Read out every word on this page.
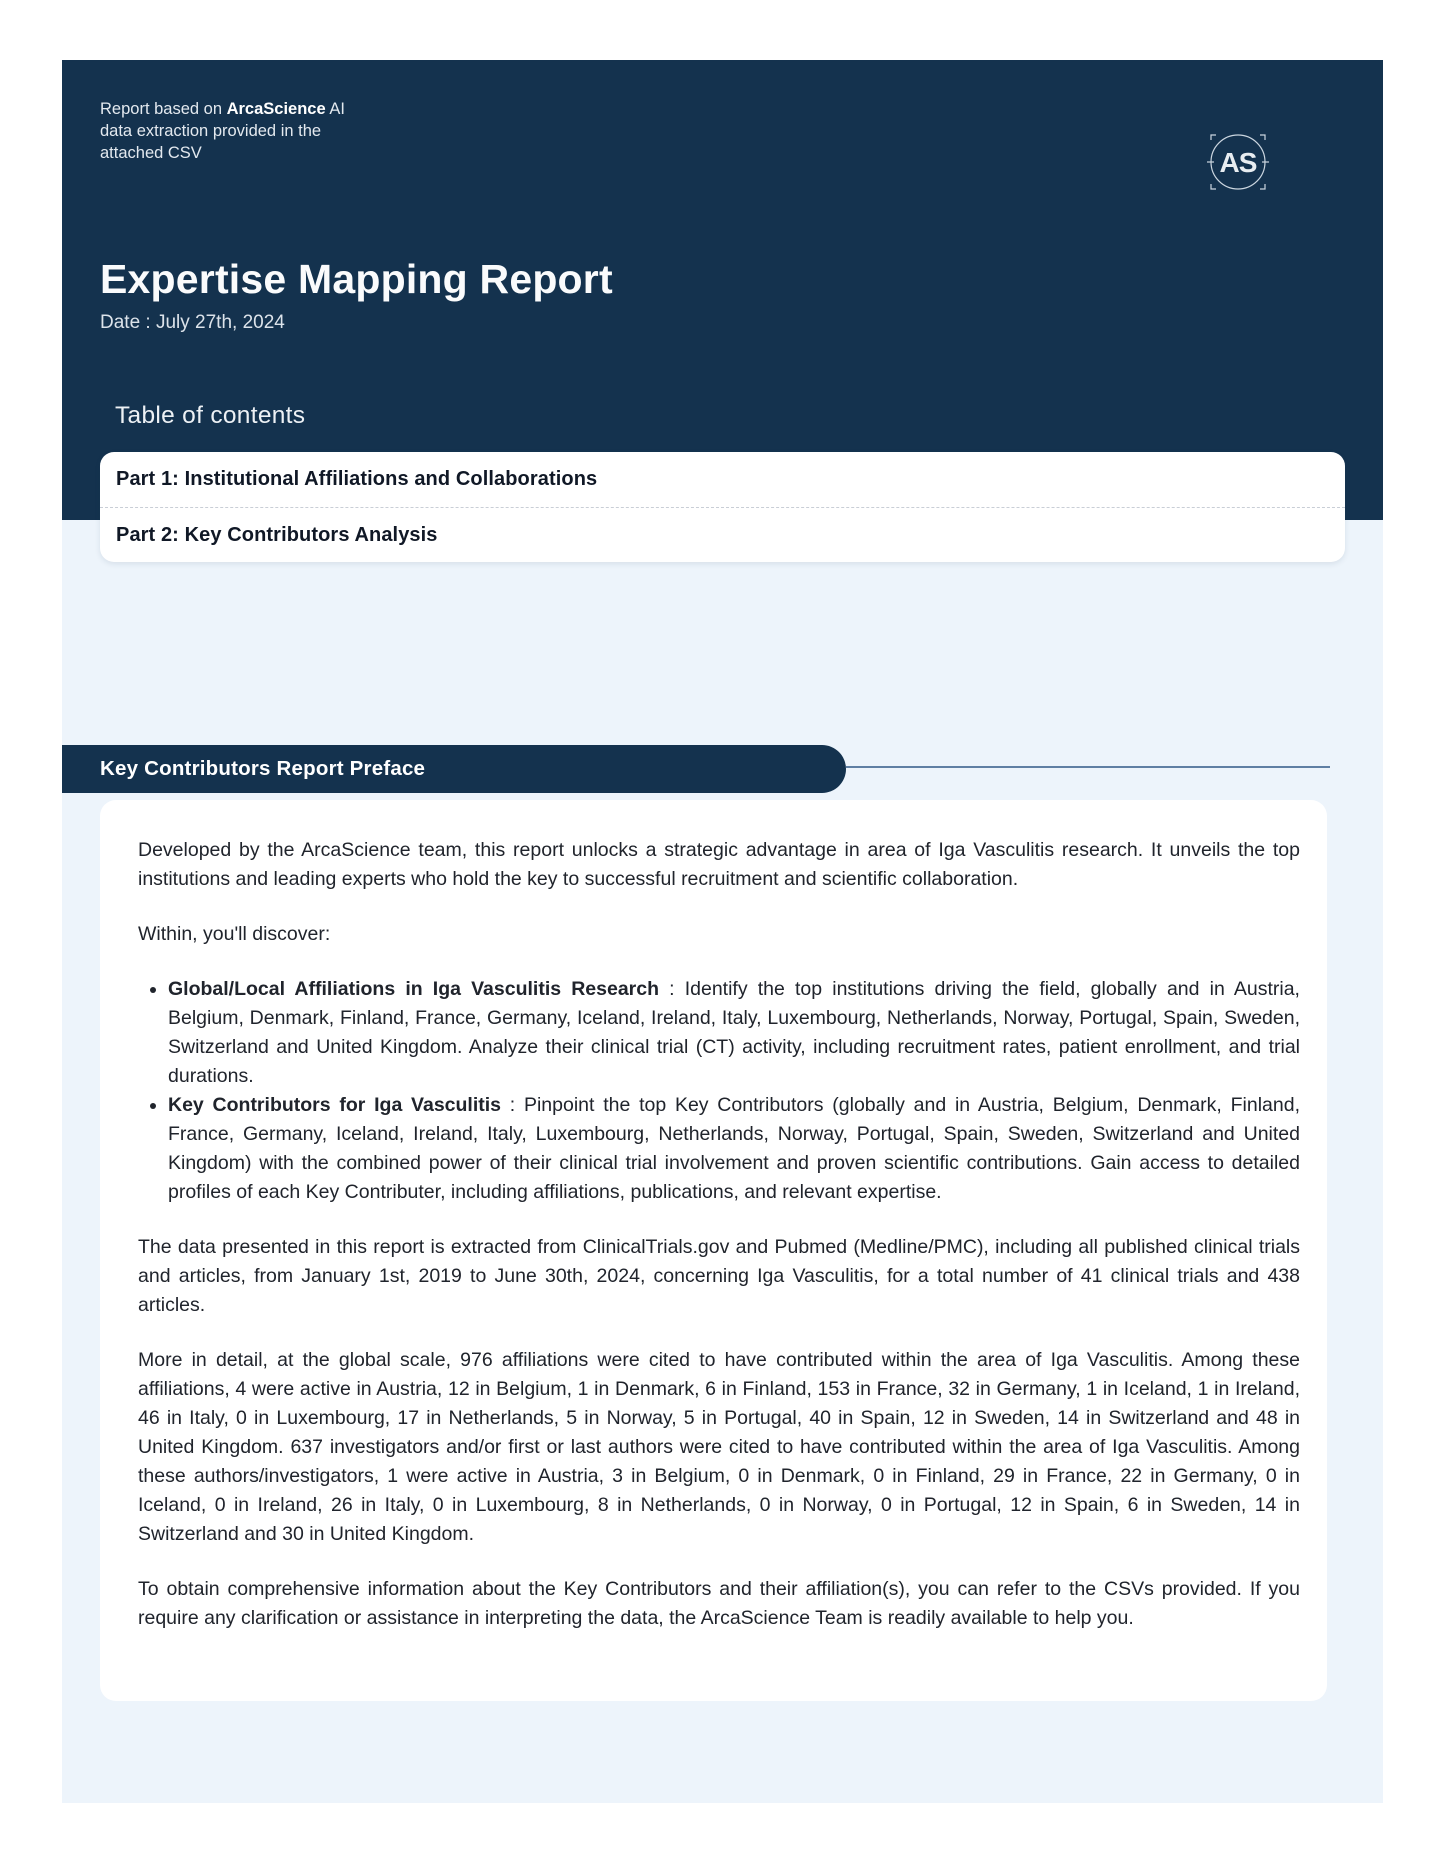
Report based on ArcaScience AI data extraction provided in the attached CSV	AS
Expertise Mapping Report
Date : July 27th, 2024
Table of contents
Part 1: Institutional Affiliations and Collaborations
Part 2: Key Contributors Analysis
Key Contributors Report Preface

Developed by the ArcaScience team, this report unlocks a strategic advantage in area of Iga Vasculitis research. It unveils the top institutions and leading experts who hold the key to successful recruitment and scientific collaboration.

Within, you'll discover:

• Global/Local Affiliations in Iga Vasculitis Research : Identify the top institutions driving the field, globally and in Austria, Belgium, Denmark, Finland, France, Germany, Iceland, Ireland, Italy, Luxembourg, Netherlands, Norway, Portugal, Spain, Sweden, Switzerland and United Kingdom. Analyze their clinical trial (CT) activity, including recruitment rates, patient enrollment, and trial durations.
• Key Contributors for Iga Vasculitis : Pinpoint the top Key Contributors (globally and in Austria, Belgium, Denmark, Finland, France, Germany, Iceland, Ireland, Italy, Luxembourg, Netherlands, Norway, Portugal, Spain, Sweden, Switzerland and United Kingdom) with the combined power of their clinical trial involvement and proven scientific contributions. Gain access to detailed profiles of each Key Contributer, including affiliations, publications, and relevant expertise.

The data presented in this report is extracted from ClinicalTrials.gov and Pubmed (Medline/PMC), including all published clinical trials and articles, from January 1st, 2019 to June 30th, 2024, concerning Iga Vasculitis, for a total number of 41 clinical trials and 438 articles.

More in detail, at the global scale, 976 affiliations were cited to have contributed within the area of Iga Vasculitis. Among these affiliations, 4 were active in Austria, 12 in Belgium, 1 in Denmark, 6 in Finland, 153 in France, 32 in Germany, 1 in Iceland, 1 in Ireland, 46 in Italy, 0 in Luxembourg, 17 in Netherlands, 5 in Norway, 5 in Portugal, 40 in Spain, 12 in Sweden, 14 in Switzerland and 48 in United Kingdom. 637 investigators and/or first or last authors were cited to have contributed within the area of Iga Vasculitis. Among these authors/investigators, 1 were active in Austria, 3 in Belgium, 0 in Denmark, 0 in Finland, 29 in France, 22 in Germany, 0 in Iceland, 0 in Ireland, 26 in Italy, 0 in Luxembourg, 8 in Netherlands, 0 in Norway, 0 in Portugal, 12 in Spain, 6 in Sweden, 14 in Switzerland and 30 in United Kingdom.

To obtain comprehensive information about the Key Contributors and their affiliation(s), you can refer to the CSVs provided. If you require any clarification or assistance in interpreting the data, the ArcaScience Team is readily available to help you.
